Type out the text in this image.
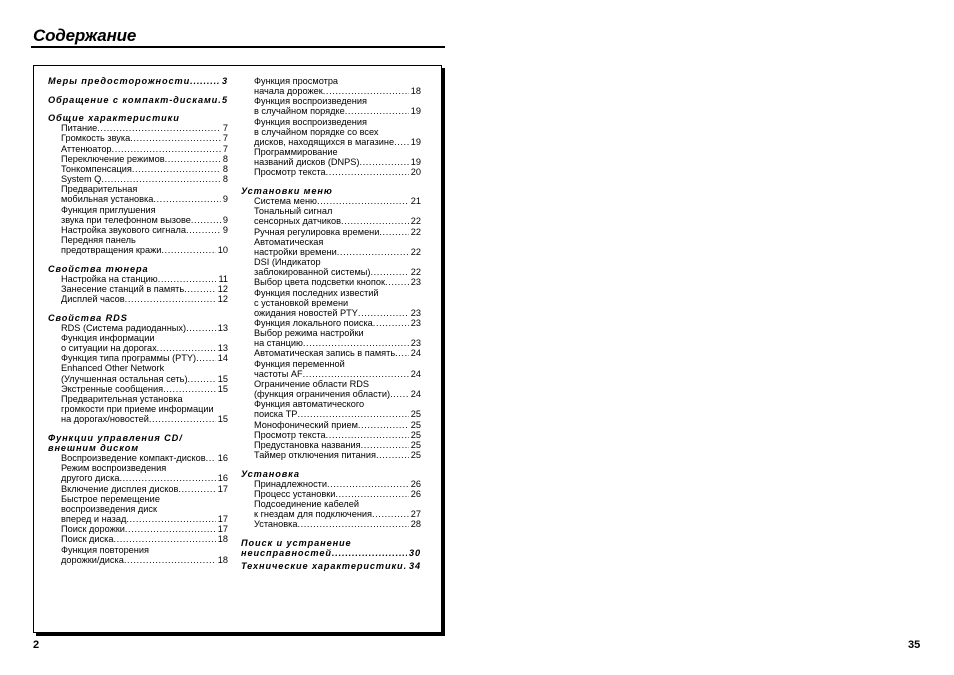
Содержание
Меры предосторожности .....	3
Обращение с компакт-дисками ..... 5
Общие характеристики
Питание .....	7
Громкость звука .....	7
Аттенюатор .....	7
Переключение режимов .....	8
Тонкомпенсация .....	8
System Q .....	8
Предварительная
мобильная установка .....	9
Функция приглушения
звука при телефонном вызове .....	9
Настройка звукового сигнала .....	9
Передняя панель
предотвращения кражи .....	10
Свойства тюнера
Настройка на станцию .....	11
Занесение станций в память .....	12
Дисплей часов .....	12
Свойства RDS
RDS (Система радиоданных) .....	13
Функция информации
о ситуации на дорогах .....	13
Функция типа программы (PTY) ..... 14
Enhanced Other Network
(Улучшенная остальная сеть) .....	15
Экстренные сообщения .....	15
Предварительная установка
громкости при приеме информации
на дорогах/новостей .....	15
Функции управления CD/
внешним диском
Воспроизведение компакт-дисков ..... 16
Режим воспроизведения
другого диска .....	16
Включение дисплея дисков .....	17
Быстрое перемещение
воспроизведения диск
вперед и назад .....	17
Поиск дорожки .....	17
Поиск диска .....	18
Функция повторения
дорожки/диска .....	18
Функция просмотра
начала дорожек .....	18
Функция воспроизведения
в случайном порядке .....	19
Функция воспроизведения
в случайном порядке со всех
дисков, находящихся в магазине ..... 19
Программирование
названий дисков (DNPS) .....	19
Просмотр текста .....	20
Установки меню
Система меню .....	21
Тональный сигнал
сенсорных датчиков .....	22
Ручная регулировка времени .....	22
Автоматическая
настройки времени .....	22
DSI (Индикатор
заблокированной системы) .....	22
Выбор цвета подсветки кнопок .....	23
Функция последних известий
с установкой времени
ожидания новостей PTY .....	23
Функция локального поиска .....	23
Выбор режима настройки
на станцию .....	23
Автоматическая запись в память ..... 24
Функция переменной
частоты AF .....	24
Ограничение области RDS
(функция ограничения области) ..... 24
Функция автоматического
поиска TP .....	25
Монофонический прием .....	25
Просмотр текста .....	25
Предустановка названия .....	25
Таймер отключения питания .....	25
Установка
Принадлежности .....	26
Процесс установки .....	26
Подсоединение кабелей
к гнездам для подключения .....	27
Установка .....	28
Поиск и устранение
неисправностей .....	30
Технические характеристики ..... 34
2	35
